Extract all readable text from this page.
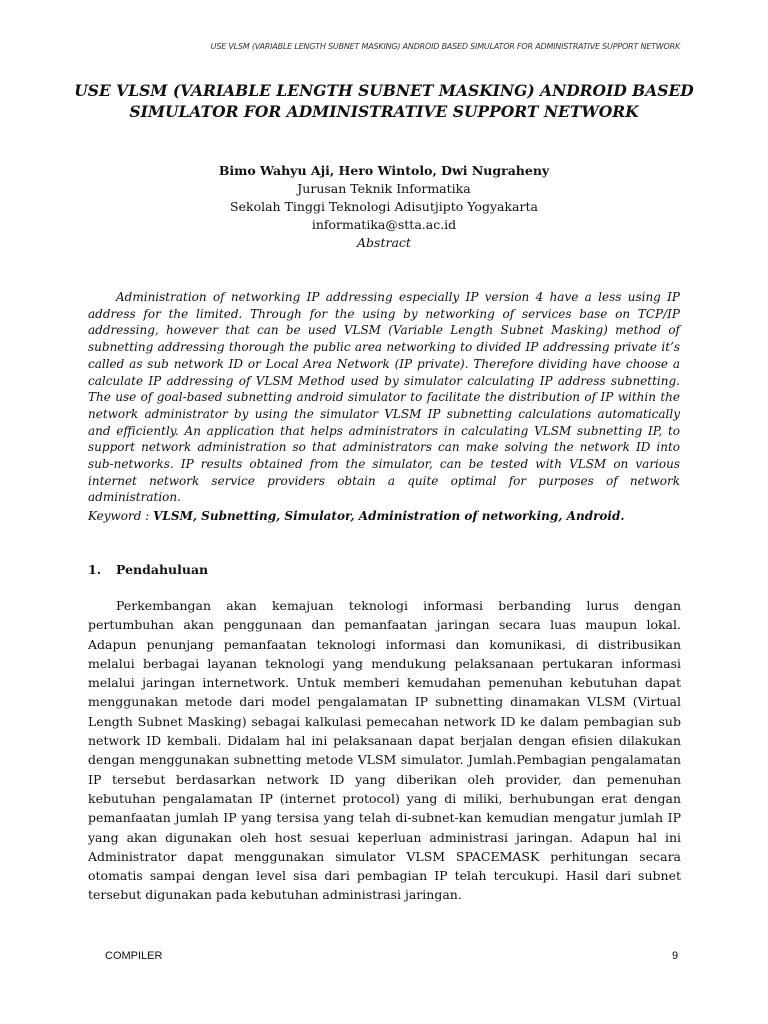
USE VLSM (VARIABLE LENGTH SUBNET MASKING) ANDROID BASED SIMULATOR FOR ADMINISTRATIVE SUPPORT NETWORK
USE VLSM (VARIABLE LENGTH SUBNET MASKING) ANDROID BASED SIMULATOR FOR ADMINISTRATIVE SUPPORT NETWORK
Bimo Wahyu Aji, Hero Wintolo, Dwi Nugraheny
Jurusan Teknik Informatika
Sekolah Tinggi Teknologi Adisutjipto Yogyakarta
informatika@stta.ac.id
Abstract

Administration of networking IP addressing especially IP version 4 have a less using IP address for the limited. Through for the using by networking of services base on TCP/IP addressing, however that can be used VLSM (Variable Length Subnet Masking) method of subnetting addressing thorough the public area networking to divided IP addressing private it’s called as sub network ID or Local Area Network (IP private). Therefore dividing have choose a calculate IP addressing of VLSM Method used by simulator calculating IP address subnetting. The use of goal-based subnetting android simulator to facilitate the distribution of IP within the network administrator by using the simulator VLSM IP subnetting calculations automatically and efficiently. An application that helps administrators in calculating VLSM subnetting IP, to support network administration so that administrators can make solving the network ID into sub-networks. IP results obtained from the simulator, can be tested with VLSM on various internet network service providers obtain a quite optimal for purposes of network administration.

Keyword : VLSM, Subnetting, Simulator, Administration of networking, Android.

1. Pendahuluan

Perkembangan akan kemajuan teknologi informasi berbanding lurus dengan pertumbuhan akan penggunaan dan pemanfaatan jaringan secara luas maupun lokal. Adapun penunjang pemanfaatan teknologi informasi dan komunikasi, di distribusikan melalui berbagai layanan teknologi yang mendukung pelaksanaan pertukaran informasi melalui jaringan internetwork. Untuk memberi kemudahan pemenuhan kebutuhan dapat menggunakan metode dari model pengalamatan IP subnetting dinamakan VLSM (Virtual Length Subnet Masking) sebagai kalkulasi pemecahan network ID ke dalam pembagian sub network ID kembali. Didalam hal ini pelaksanaan dapat berjalan dengan efisien dilakukan dengan menggunakan subnetting metode VLSM simulator. Jumlah.Pembagian pengalamatan IP tersebut berdasarkan network ID yang diberikan oleh provider, dan pemenuhan kebutuhan pengalamatan IP (internet protocol) yang di miliki, berhubungan erat dengan pemanfaatan jumlah IP yang tersisa yang telah di-subnet-kan kemudian mengatur jumlah IP yang akan digunakan oleh host sesuai keperluan administrasi jaringan. Adapun hal ini Administrator dapat menggunakan simulator VLSM SPACEMASK perhitungan secara otomatis sampai dengan level sisa dari pembagian IP telah tercukupi. Hasil dari subnet tersebut digunakan pada kebutuhan administrasi jaringan.

COMPILER	9
